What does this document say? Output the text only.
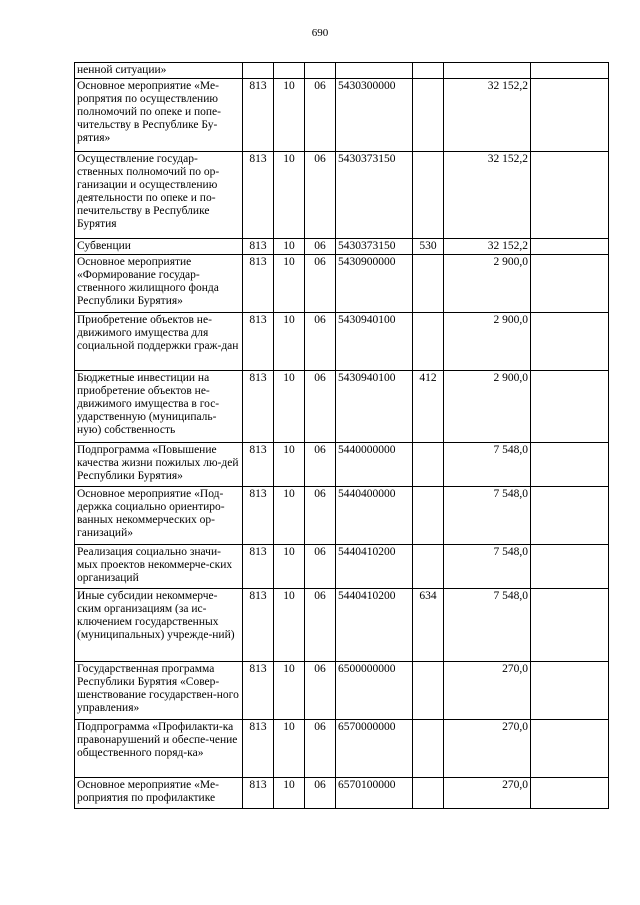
690
ненной ситуации»							
Основное мероприятие «Ме-ропрятия по осуществлению полномочий по опеке и попе-чительству в Республике Бу-рятия»	813	10	06	5430300000		32 152,2	
Осуществление государ-ственных полномочий по ор-ганизации и осуществлению деятельности по опеке и по-печительству в Республике Бурятия	813	10	06	5430373150		32 152,2	
Субвенции	813	10	06	5430373150	530	32 152,2	
Основное мероприятие «Формирование государ-ственного жилищного фонда Республики Бурятия»	813	10	06	5430900000		2 900,0	
Приобретение объектов не-движимого имущества для социальной поддержки граж-дан	813	10	06	5430940100		2 900,0	
Бюджетные инвестиции на приобретение объектов не-движимого имущества в гос-ударственную (муниципаль-ную) собственность	813	10	06	5430940100	412	2 900,0	
Подпрограмма «Повышение качества жизни пожилых лю-дей Республики Бурятия»	813	10	06	5440000000		7 548,0	
Основное мероприятие «Под-держка социально ориентиро-ванных некоммерческих ор-ганизаций»	813	10	06	5440400000		7 548,0	
Реализация социально значи-мых проектов некоммерче-ских организаций	813	10	06	5440410200		7 548,0	
Иные субсидии некоммерче-ским организациям (за ис-ключением государственных (муниципальных) учрежде-ний)	813	10	06	5440410200	634	7 548,0	
Государственная программа Республики Бурятия «Совер-шенствование государствен-ного управления»	813	10	06	6500000000		270,0	
Подпрограмма «Профилакти-ка правонарушений и обеспе-чение общественного поряд-ка»	813	10	06	6570000000		270,0	
Основное мероприятие «Ме-роприятия по профилактике	813	10	06	6570100000		270,0	
